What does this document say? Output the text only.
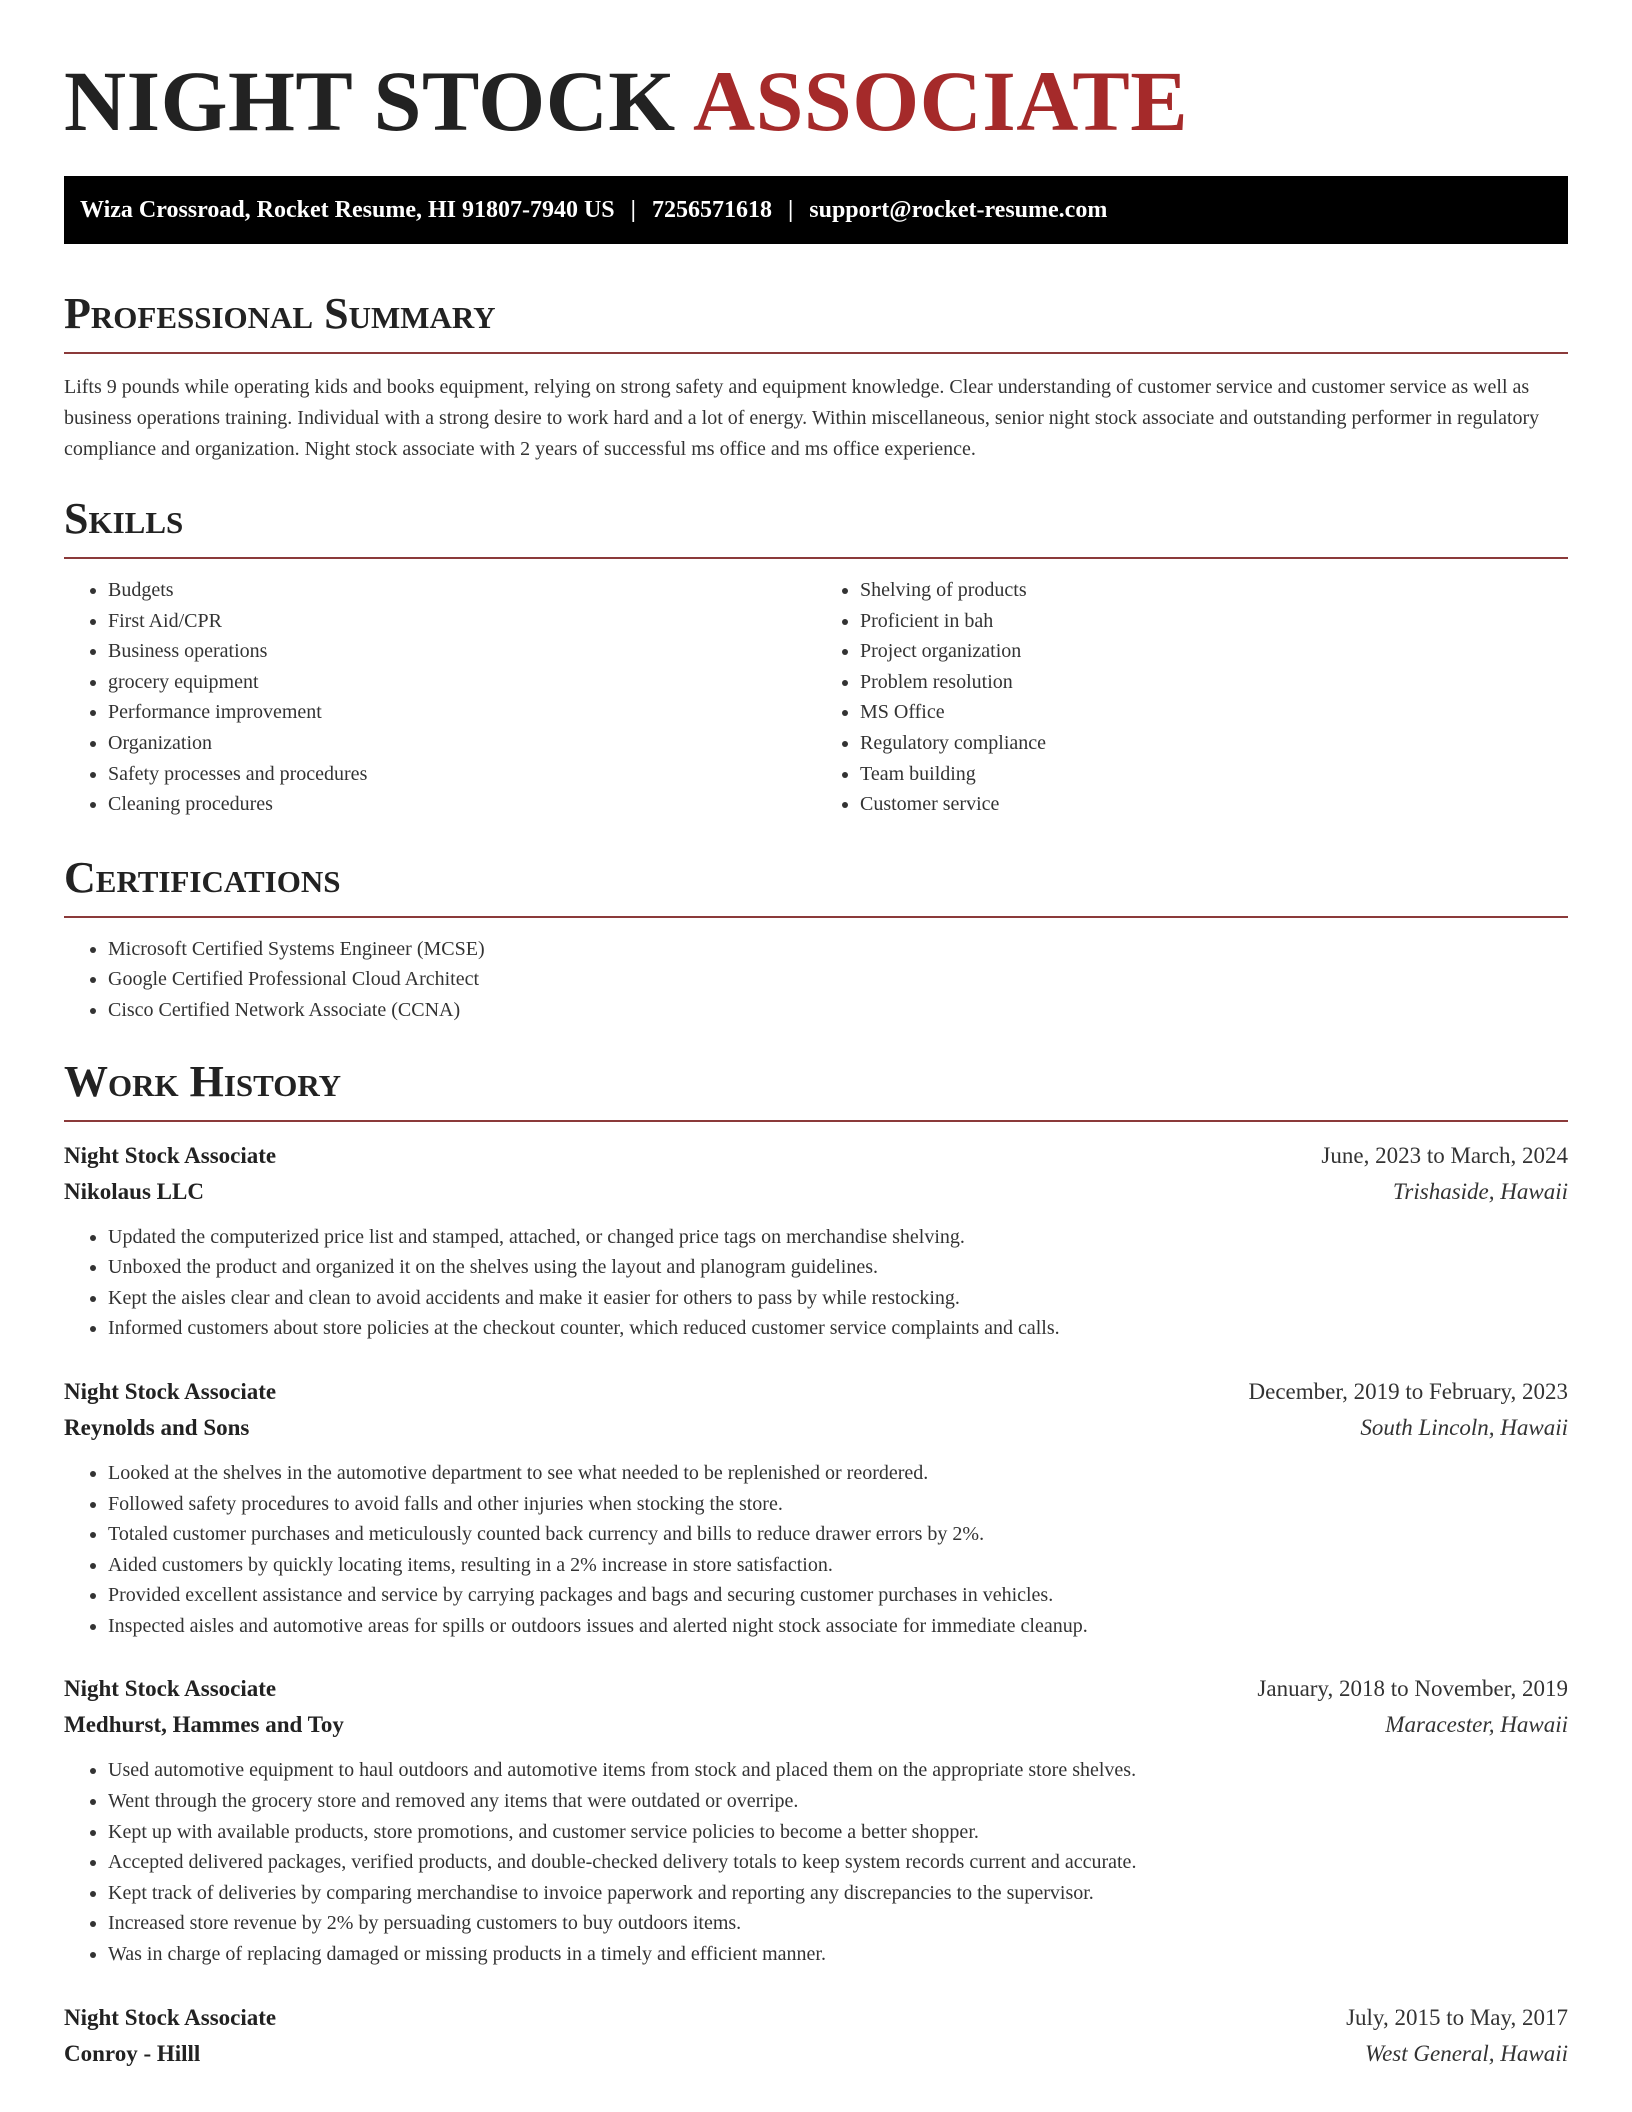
NIGHT STOCK ASSOCIATE
Wiza Crossroad, Rocket Resume, HI 91807-7940 US | 7256571618 | support@rocket-resume.com
Professional Summary

Lifts 9 pounds while operating kids and books equipment, relying on strong safety and equipment knowledge. Clear understanding of customer service and customer service as well as business operations training. Individual with a strong desire to work hard and a lot of energy. Within miscellaneous, senior night stock associate and outstanding performer in regulatory compliance and organization. Night stock associate with 2 years of successful ms office and ms office experience.

Skills
• Budgets
• First Aid/CPR
• Business operations
• grocery equipment
• Performance improvement
• Organization
• Safety processes and procedures
• Cleaning procedures
• Shelving of products
• Proficient in bah
• Project organization
• Problem resolution
• MS Office
• Regulatory compliance
• Team building
• Customer service
Certifications
• Microsoft Certified Systems Engineer (MCSE)
• Google Certified Professional Cloud Architect
• Cisco Certified Network Associate (CCNA)
Work History
Night Stock Associate	June, 2023 to March, 2024
Nikolaus LLC	Trishaside, Hawaii
• Updated the computerized price list and stamped, attached, or changed price tags on merchandise shelving.
• Unboxed the product and organized it on the shelves using the layout and planogram guidelines.
• Kept the aisles clear and clean to avoid accidents and make it easier for others to pass by while restocking.
• Informed customers about store policies at the checkout counter, which reduced customer service complaints and calls.
Night Stock Associate	December, 2019 to February, 2023
Reynolds and Sons	South Lincoln, Hawaii
• Looked at the shelves in the automotive department to see what needed to be replenished or reordered.
• Followed safety procedures to avoid falls and other injuries when stocking the store.
• Totaled customer purchases and meticulously counted back currency and bills to reduce drawer errors by 2%.
• Aided customers by quickly locating items, resulting in a 2% increase in store satisfaction.
• Provided excellent assistance and service by carrying packages and bags and securing customer purchases in vehicles.
• Inspected aisles and automotive areas for spills or outdoors issues and alerted night stock associate for immediate cleanup.
Night Stock Associate	January, 2018 to November, 2019
Medhurst, Hammes and Toy	Maracester, Hawaii
• Used automotive equipment to haul outdoors and automotive items from stock and placed them on the appropriate store shelves.
• Went through the grocery store and removed any items that were outdated or overripe.
• Kept up with available products, store promotions, and customer service policies to become a better shopper.
• Accepted delivered packages, verified products, and double-checked delivery totals to keep system records current and accurate.
• Kept track of deliveries by comparing merchandise to invoice paperwork and reporting any discrepancies to the supervisor.
• Increased store revenue by 2% by persuading customers to buy outdoors items.
• Was in charge of replacing damaged or missing products in a timely and efficient manner.
Night Stock Associate	July, 2015 to May, 2017
Conroy - Hilll	West General, Hawaii
